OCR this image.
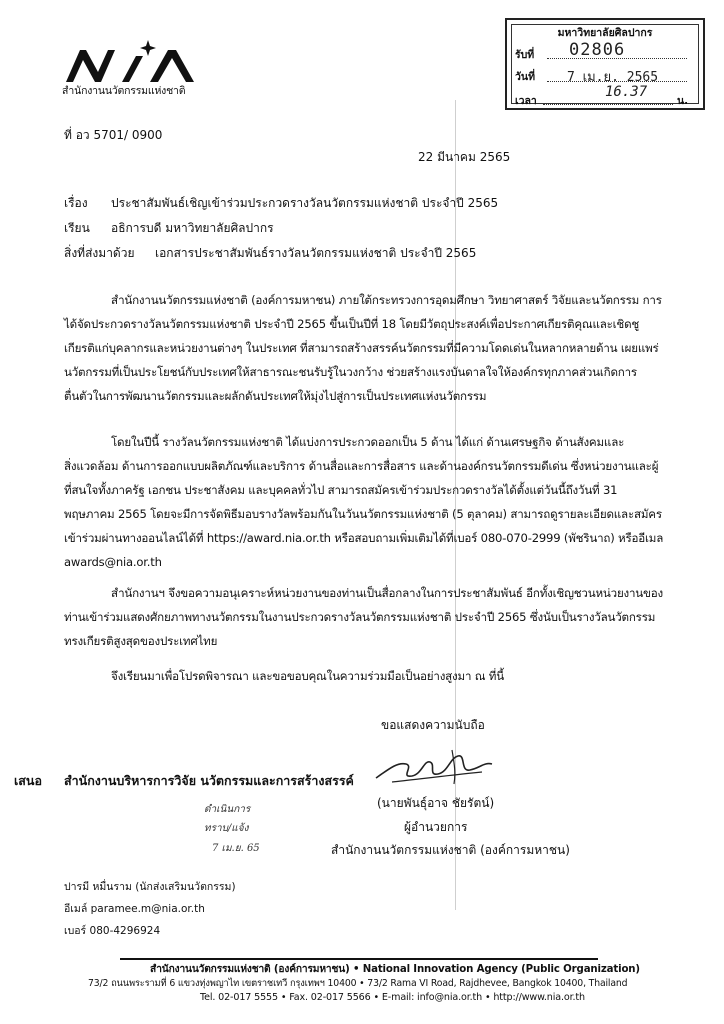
สำนักงานนวัตกรรมแห่งชาติ
มหาวิทยาลัยศิลปากร
รับที่ 02806
วันที่ 7 เม.ย. 2565
เวลา
16.37
น.
ที่ อว 5701/ 0900
22 มีนาคม 2565
เรื่อง ประชาสัมพันธ์เชิญเข้าร่วมประกวดรางวัลนวัตกรรมแห่งชาติ ประจำปี 2565
เรียน อธิการบดี มหาวิทยาลัยศิลปากร
สิ่งที่ส่งมาด้วย เอกสารประชาสัมพันธ์รางวัลนวัตกรรมแห่งชาติ ประจำปี 2565
สำนักงานนวัตกรรมแห่งชาติ (องค์การมหาชน) ภายใต้กระทรวงการอุดมศึกษา วิทยาศาสตร์ วิจัยและนวัตกรรม การ
ได้จัดประกวดรางวัลนวัตกรรมแห่งชาติ ประจำปี 2565 ขึ้นเป็นปีที่ 18 โดยมีวัตถุประสงค์เพื่อประกาศเกียรติคุณและเชิดชู
เกียรติแก่บุคลากรและหน่วยงานต่างๆ ในประเทศ ที่สามารถสร้างสรรค์นวัตกรรมที่มีความโดดเด่นในหลากหลายด้าน เผยแพร่
นวัตกรรมที่เป็นประโยชน์กับประเทศให้สาธารณะชนรับรู้ในวงกว้าง ช่วยสร้างแรงบันดาลใจให้องค์กรทุกภาคส่วนเกิดการ
ตื่นตัวในการพัฒนานวัตกรรมและผลักดันประเทศให้มุ่งไปสู่การเป็นประเทศแห่งนวัตกรรม
โดยในปีนี้ รางวัลนวัตกรรมแห่งชาติ ได้แบ่งการประกวดออกเป็น 5 ด้าน ได้แก่ ด้านเศรษฐกิจ ด้านสังคมและ
สิ่งแวดล้อม ด้านการออกแบบผลิตภัณฑ์และบริการ ด้านสื่อและการสื่อสาร และด้านองค์กรนวัตกรรมดีเด่น ซึ่งหน่วยงานและผู้
ที่สนใจทั้งภาครัฐ เอกชน ประชาสังคม และบุคคลทั่วไป สามารถสมัครเข้าร่วมประกวดรางวัลได้ตั้งแต่วันนี้ถึงวันที่ 31
พฤษภาคม 2565 โดยจะมีการจัดพิธีมอบรางวัลพร้อมกันในวันนวัตกรรมแห่งชาติ (5 ตุลาคม) สามารถดูรายละเอียดและสมัคร
เข้าร่วมผ่านทางออนไลน์ได้ที่ https://award.nia.or.th หรือสอบถามเพิ่มเติมได้ที่เบอร์ 080-070-2999 (พัชรินาถ) หรืออีเมล
awards@nia.or.th
สำนักงานฯ จึงขอความอนุเคราะห์หน่วยงานของท่านเป็นสื่อกลางในการประชาสัมพันธ์ อีกทั้งเชิญชวนหน่วยงานของ
ท่านเข้าร่วมแสดงศักยภาพทางนวัตกรรมในงานประกวดรางวัลนวัตกรรมแห่งชาติ ประจำปี 2565 ซึ่งนับเป็นรางวัลนวัตกรรม
ทรงเกียรติสูงสุดของประเทศไทย
จึงเรียนมาเพื่อโปรดพิจารณา และขอขอบคุณในความร่วมมือเป็นอย่างสูงมา ณ ที่นี้
ขอแสดงความนับถือ
เสนอ สำนักงานบริหารการวิจัย นวัตกรรมและการสร้างสรรค์
(นายพันธุ์อาจ ชัยรัตน์)
ผู้อำนวยการ
สำนักงานนวัตกรรมแห่งชาติ (องค์การมหาชน)
ดำเนินการ
ทราบ/แจ้ง
7 เม.ย. 65
ปารมี หมื่นราม (นักส่งเสริมนวัตกรรม)
อีเมล์ paramee.m@nia.or.th
เบอร์ 080-4296924
สำนักงานนวัตกรรมแห่งชาติ (องค์การมหาชน) • National Innovation Agency (Public Organization)
73/2 ถนนพระรามที่ 6 แขวงทุ่งพญาไท เขตราชเทวี กรุงเทพฯ 10400 • 73/2 Rama VI Road, Rajdhevee, Bangkok 10400, Thailand
Tel. 02-017 5555 • Fax. 02-017 5566 • E-mail: info@nia.or.th • http://www.nia.or.th
